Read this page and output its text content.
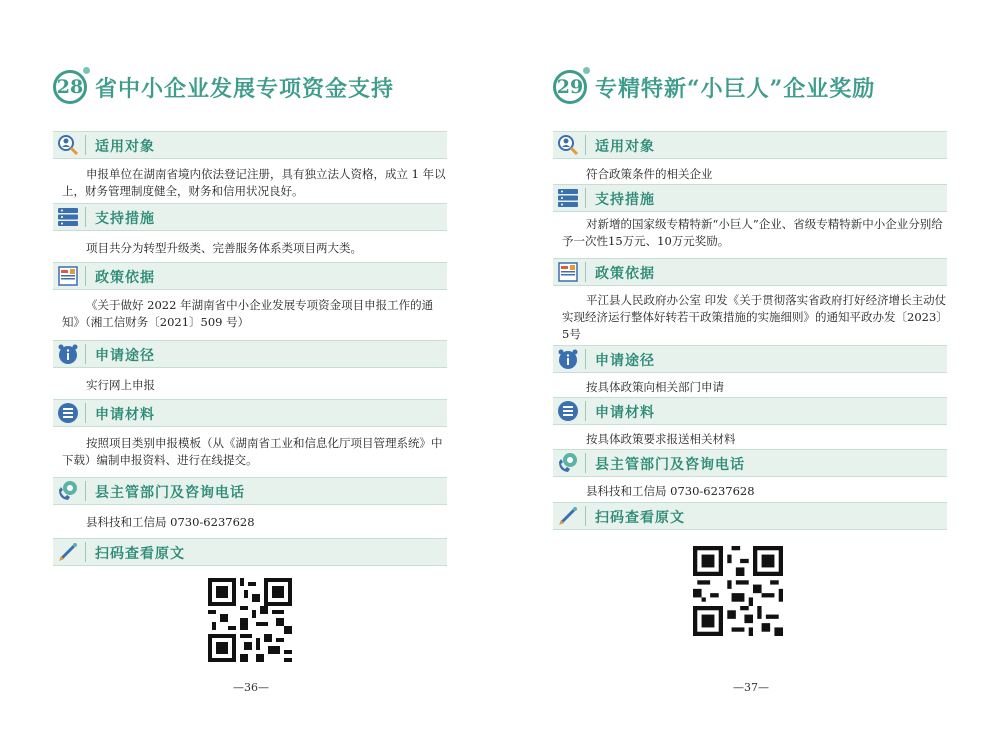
28 省中小企业发展专项资金支持
适用对象
申报单位在湖南省境内依法登记注册，具有独立法人资格，成立 1 年以上，财务管理制度健全，财务和信用状况良好。
支持措施
项目共分为转型升级类、完善服务体系类项目两大类。
政策依据
《关于做好 2022 年湖南省中小企业发展专项资金项目申报工作的通知》（湘工信财务〔2021〕509 号）
申请途径
实行网上申报
申请材料
按照项目类别申报模板（从《湖南省工业和信息化厅项目管理系统》中下载）编制申报资料、进行在线提交。
县主管部门及咨询电话
县科技和工信局 0730-6237628
扫码查看原文
—36—
29 专精特新“小巨人”企业奖励
适用对象
符合政策条件的相关企业
支持措施
对新增的国家级专精特新“小巨人”企业、省级专精特新中小企业分别给予一次性15万元、10万元奖励。
政策依据
平江县人民政府办公室 印发《关于贯彻落实省政府打好经济增长主动仗实现经济运行整体好转若干政策措施的实施细则》的通知平政办发〔2023〕5号
申请途径
按具体政策向相关部门申请
申请材料
按具体政策要求报送相关材料
县主管部门及咨询电话
县科技和工信局 0730-6237628
扫码查看原文
—37—
